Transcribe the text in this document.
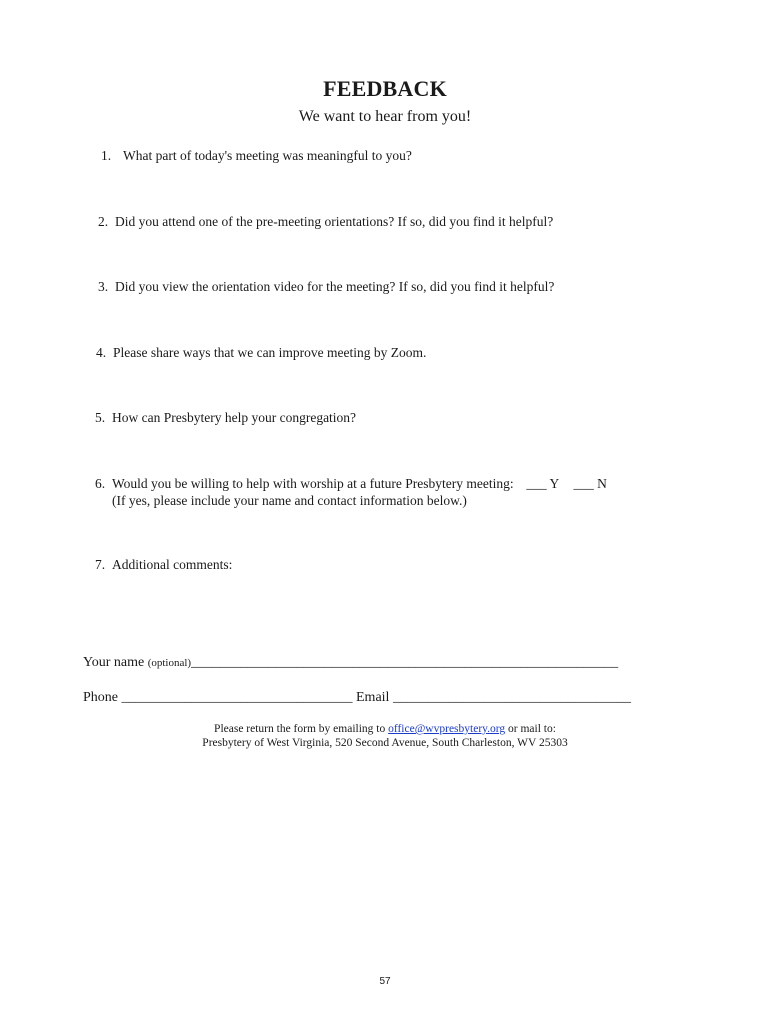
FEEDBACK
We want to hear from you!
1. What part of today's meeting was meaningful to you?
2. Did you attend one of the pre-meeting orientations? If so, did you find it helpful?
3. Did you view the orientation video for the meeting? If so, did you find it helpful?
4. Please share ways that we can improve meeting by Zoom.
5. How can Presbytery help your congregation?
6. Would you be willing to help with worship at a future Presbytery meeting: ___ Y ___ N
(If yes, please include your name and contact information below.)
7. Additional comments:
Your name (optional)_____________________________________________________________
Phone _________________________________ Email __________________________________
Please return the form by emailing to office@wvpresbytery.org or mail to:
Presbytery of West Virginia, 520 Second Avenue, South Charleston, WV 25303
57
